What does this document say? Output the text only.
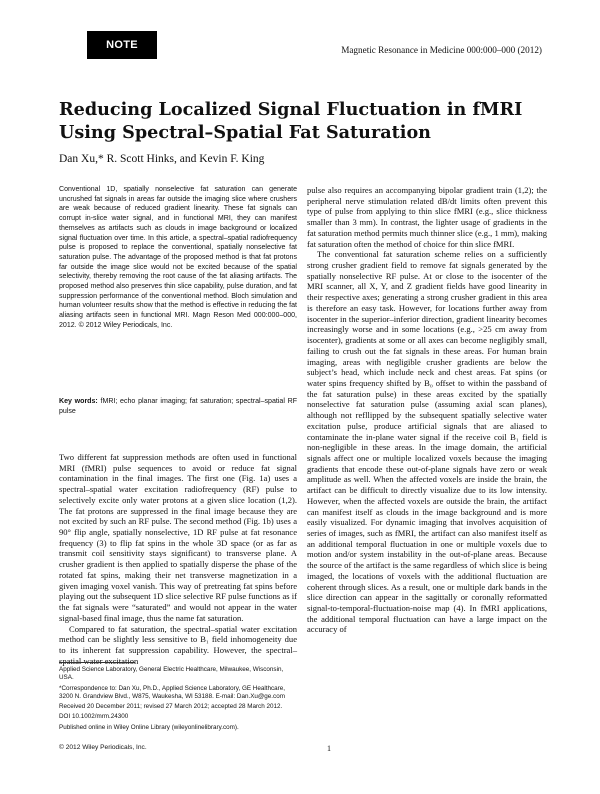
NOTE	Magnetic Resonance in Medicine 000:000–000 (2012)
Reducing Localized Signal Fluctuation in fMRI Using Spectral–Spatial Fat Saturation

Dan Xu,* R. Scott Hinks, and Kevin F. King

Conventional 1D, spatially nonselective fat saturation can generate uncrushed fat signals in areas far outside the imaging slice where crushers are weak because of reduced gradient linearity. These fat signals can corrupt in-slice water signal, and in functional MRI, they can manifest themselves as artifacts such as clouds in image background or localized signal fluctuation over time. In this article, a spectral–spatial radiofrequency pulse is proposed to replace the conventional, spatially nonselective fat saturation pulse. The advantage of the proposed method is that fat protons far outside the image slice would not be excited because of the spatial selectivity, thereby removing the root cause of the fat aliasing artifacts. The proposed method also preserves thin slice capability, pulse duration, and fat suppression performance of the conventional method. Bloch simulation and human volunteer results show that the method is effective in reducing the fat aliasing artifacts seen in functional MRI. Magn Reson Med 000:000–000, 2012. © 2012 Wiley Periodicals, Inc.

Key words: fMRI; echo planar imaging; fat saturation; spectral–spatial RF pulse

Two different fat suppression methods are often used in functional MRI (fMRI) pulse sequences to avoid or reduce fat signal contamination in the final images. The first one (Fig. 1a) uses a spectral–spatial water excitation radiofrequency (RF) pulse to selectively excite only water protons at a given slice location (1,2). The fat protons are suppressed in the final image because they are not excited by such an RF pulse. The second method (Fig. 1b) uses a 90° flip angle, spatially nonselective, 1D RF pulse at fat resonance frequency (3) to flip fat spins in the whole 3D space (or as far as transmit coil sensitivity stays significant) to transverse plane. A crusher gradient is then applied to spatially disperse the phase of the rotated fat spins, making their net transverse magnetization in a given imaging voxel vanish. This way of pretreating fat spins before playing out the subsequent 1D slice selective RF pulse functions as if the fat signals were “saturated” and would not appear in the water signal-based final image, thus the name fat saturation.

Compared to fat saturation, the spectral–spatial water excitation method can be slightly less sensitive to B₁ field inhomogeneity due to its inherent fat suppression capability. However, the spectral–spatial water excitation

pulse also requires an accompanying bipolar gradient train (1,2); the peripheral nerve stimulation related dB/dt limits often prevent this type of pulse from applying to thin slice fMRI (e.g., slice thickness smaller than 3 mm). In contrast, the lighter usage of gradients in the fat saturation method permits much thinner slice (e.g., 1 mm), making fat saturation often the method of choice for thin slice fMRI.

The conventional fat saturation scheme relies on a sufficiently strong crusher gradient field to remove fat signals generated by the spatially nonselective RF pulse. At or close to the isocenter of the MRI scanner, all X, Y, and Z gradient fields have good linearity in their respective axes; generating a strong crusher gradient in this area is therefore an easy task. However, for locations further away from isocenter in the superior–inferior direction, gradient linearity becomes increasingly worse and in some locations (e.g., >25 cm away from isocenter), gradients at some or all axes can become negligibly small, failing to crush out the fat signals in these areas. For human brain imaging, areas with negligible crusher gradients are below the subject’s head, which include neck and chest areas. Fat spins (or water spins frequency shifted by B₀ offset to within the passband of the fat saturation pulse) in these areas excited by the spatially nonselective fat saturation pulse (assuming axial scan planes), although not refllipped by the subsequent spatially selective water excitation pulse, produce artificial signals that are aliased to contaminate the in-plane water signal if the receive coil B₁ field is non-negligible in these areas. In the image domain, the artificial signals affect one or multiple localized voxels because the imaging gradients that encode these out-of-plane signals have zero or weak amplitude as well. When the affected voxels are inside the brain, the artifact can be difficult to directly visualize due to its low intensity. However, when the affected voxels are outside the brain, the artifact can manifest itself as clouds in the image background and is more easily visualized. For dynamic imaging that involves acquisition of series of images, such as fMRI, the artifact can also manifest itself as an additional temporal fluctuation in one or multiple voxels due to motion and/or system instability in the out-of-plane areas. Because the source of the artifact is the same regardless of which slice is being imaged, the locations of voxels with the additional fluctuation are coherent through slices. As a result, one or multiple dark bands in the slice direction can appear in the sagittally or coronally reformatted signal-to-temporal-fluctuation-noise map (4). In fMRI applications, the additional temporal fluctuation can have a large impact on the accuracy of

Applied Science Laboratory, General Electric Healthcare, Milwaukee, Wisconsin, USA.

*Correspondence to: Dan Xu, Ph.D., Applied Science Laboratory, GE Healthcare, 3200 N. Grandview Blvd., W875, Waukesha, WI 53188. E-mail: Dan.Xu@ge.com

Received 20 December 2011; revised 27 March 2012; accepted 28 March 2012.

DOI 10.1002/mrm.24300

Published online in Wiley Online Library (wileyonlinelibrary.com).

© 2012 Wiley Periodicals, Inc.	1
